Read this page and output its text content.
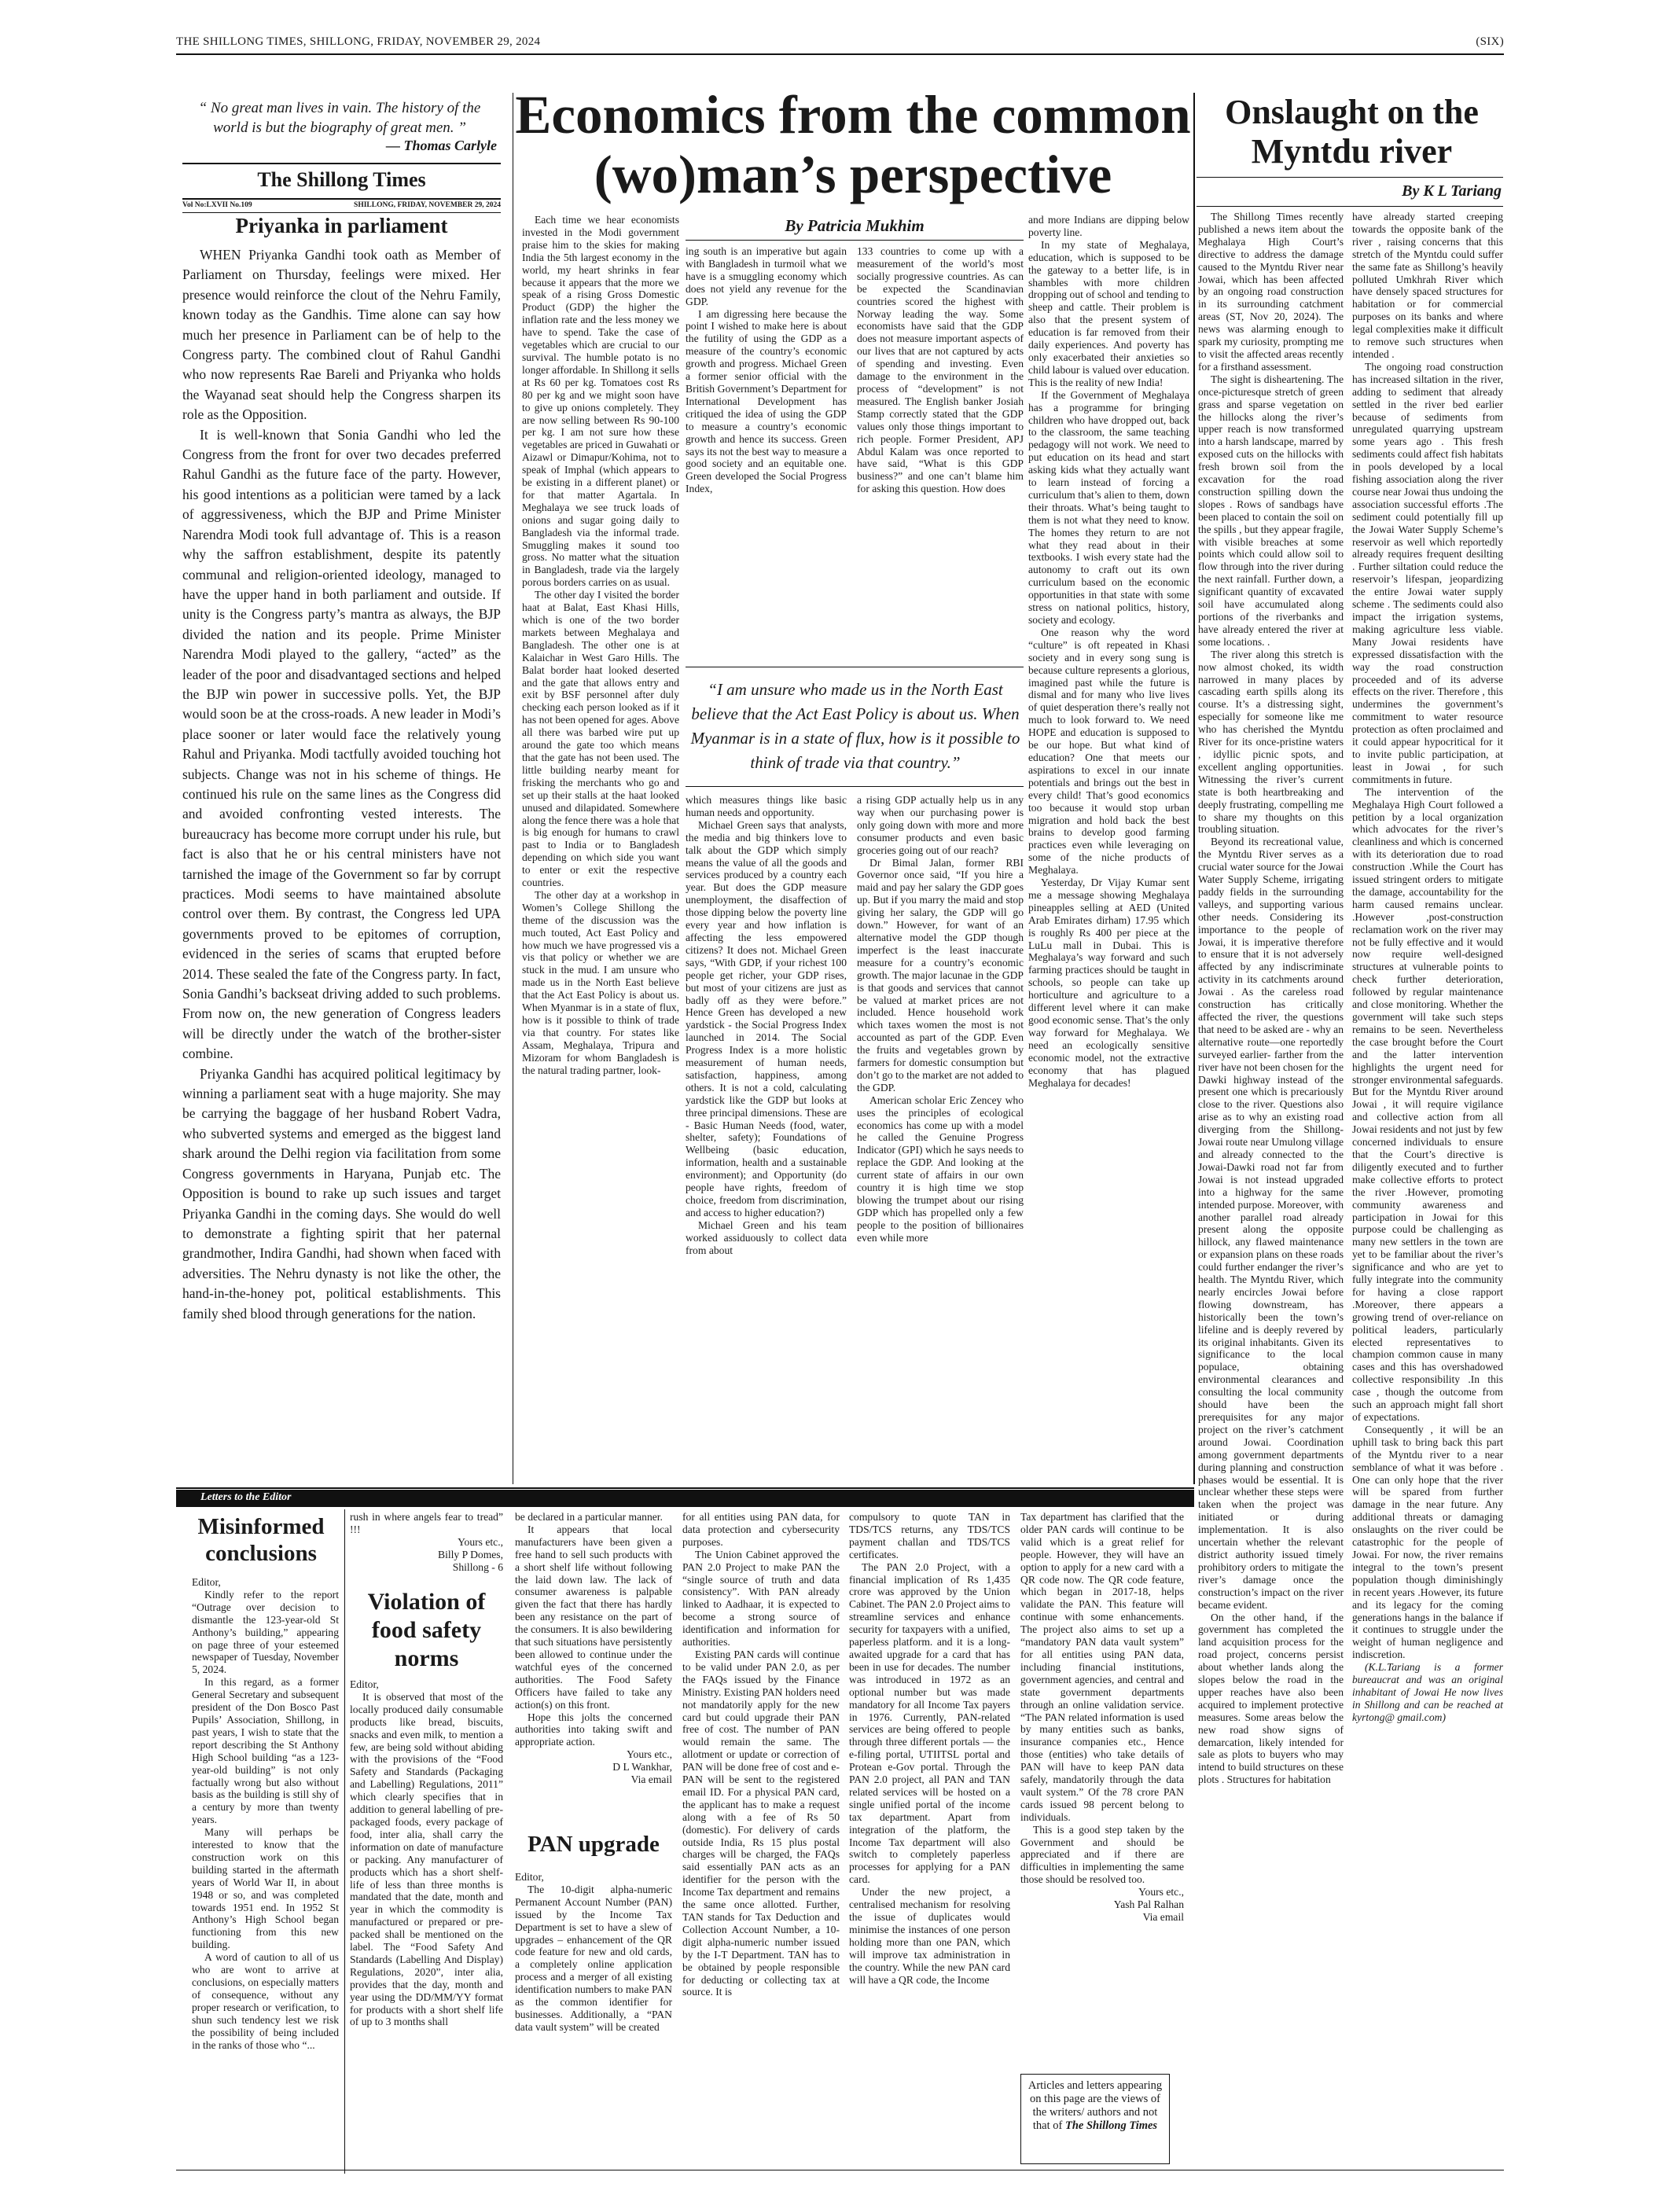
THE SHILLONG TIMES, SHILLONG, FRIDAY, NOVEMBER 29, 2024	(SIX)
“ No great man lives in vain. The history of the world is but the biography of great men. ”
— Thomas Carlyle
The Shillong Times
Vol No:LXVII No.109	SHILLONG, FRIDAY, NOVEMBER 29, 2024
Priyanka in parliament

WHEN Priyanka Gandhi took oath as Member of Parliament on Thursday, feelings were mixed. Her presence would reinforce the clout of the Nehru Family, known today as the Gandhis. Time alone can say how much her presence in Parliament can be of help to the Congress party. The combined clout of Rahul Gandhi who now represents Rae Bareli and Priyanka who holds the Wayanad seat should help the Congress sharpen its role as the Opposition.

It is well-known that Sonia Gandhi who led the Congress from the front for over two decades preferred Rahul Gandhi as the future face of the party. However, his good intentions as a politician were tamed by a lack of aggressiveness, which the BJP and Prime Minister Narendra Modi took full advantage of. This is a reason why the saffron establishment, despite its patently communal and religion-oriented ideology, managed to have the upper hand in both parliament and outside. If unity is the Congress party’s mantra as always, the BJP divided the nation and its people. Prime Minister Narendra Modi played to the gallery, “acted” as the leader of the poor and disadvantaged sections and helped the BJP win power in successive polls. Yet, the BJP would soon be at the cross-roads. A new leader in Modi’s place sooner or later would face the relatively young Rahul and Priyanka. Modi tactfully avoided touching hot subjects. Change was not in his scheme of things. He continued his rule on the same lines as the Congress did and avoided confronting vested interests. The bureaucracy has become more corrupt under his rule, but fact is also that he or his central ministers have not tarnished the image of the Government so far by corrupt practices. Modi seems to have maintained absolute control over them. By contrast, the Congress led UPA governments proved to be epitomes of corruption, evidenced in the series of scams that erupted before 2014. These sealed the fate of the Congress party. In fact, Sonia Gandhi’s backseat driving added to such problems. From now on, the new generation of Congress leaders will be directly under the watch of the brother-sister combine.

Priyanka Gandhi has acquired political legitimacy by winning a parliament seat with a huge majority. She may be carrying the baggage of her husband Robert Vadra, who subverted systems and emerged as the biggest land shark around the Delhi region via facilitation from some Congress governments in Haryana, Punjab etc. The Opposition is bound to rake up such issues and target Priyanka Gandhi in the coming days. She would do well to demonstrate a fighting spirit that her paternal grandmother, Indira Gandhi, had shown when faced with adversities. The Nehru dynasty is not like the other, the hand-in-the-honey pot, political establishments. This family shed blood through generations for the nation.

Economics from the common
(wo)man’s perspective

Each time we hear economists invested in the Modi government praise him to the skies for making India the 5th largest economy in the world, my heart shrinks in fear because it appears that the more we speak of a rising Gross Domestic Product (GDP) the higher the inflation rate and the less money we have to spend. Take the case of vegetables which are crucial to our survival. The humble potato is no longer affordable. In Shillong it sells at Rs 60 per kg. Tomatoes cost Rs 80 per kg and we might soon have to give up onions completely. They are now selling between Rs 90-100 per kg. I am not sure how these vegetables are priced in Guwahati or Aizawl or Dimapur/Kohima, not to speak of Imphal (which appears to be existing in a different planet) or for that matter Agartala. In Meghalaya we see truck loads of onions and sugar going daily to Bangladesh via the informal trade. Smuggling makes it sound too gross. No matter what the situation in Bangladesh, trade via the largely porous borders carries on as usual.

The other day I visited the border haat at Balat, East Khasi Hills, which is one of the two border markets between Meghalaya and Bangladesh. The other one is at Kalaichar in West Garo Hills. The Balat border haat looked deserted and the gate that allows entry and exit by BSF personnel after duly checking each person looked as if it has not been opened for ages. Above all there was barbed wire put up around the gate too which means that the gate has not been used. The little building nearby meant for frisking the merchants who go and set up their stalls at the haat looked unused and dilapidated. Somewhere along the fence there was a hole that is big enough for humans to crawl past to India or to Bangladesh depending on which side you want to enter or exit the respective countries.

The other day at a workshop in Women’s College Shillong the theme of the discussion was the much touted, Act East Policy and how much we have progressed vis a vis that policy or whether we are stuck in the mud. I am unsure who made us in the North East believe that the Act East Policy is about us. When Myanmar is in a state of flux, how is it possible to think of trade via that country. For states like Assam, Meghalaya, Tripura and Mizoram for whom Bangladesh is the natural trading partner, look-

By Patricia Mukhim

ing south is an imperative but again with Bangladesh in turmoil what we have is a smuggling economy which does not yield any revenue for the GDP.

I am digressing here because the point I wished to make here is about the futility of using the GDP as a measure of the country’s economic growth and progress. Michael Green a former senior official with the British Government’s Department for International Development has critiqued the idea of using the GDP to measure a country’s economic growth and hence its success. Green says its not the best way to measure a good society and an equitable one. Green developed the Social Progress Index,

133 countries to come up with a measurement of the world’s most socially progressive countries. As can be expected the Scandinavian countries scored the highest with Norway leading the way. Some economists have said that the GDP does not measure important aspects of our lives that are not captured by acts of spending and investing. Even damage to the environment in the process of “development” is not measured. The English banker Josiah Stamp correctly stated that the GDP values only those things important to rich people. Former President, APJ Abdul Kalam was once reported to have said, “What is this GDP business?” and one can’t blame him for asking this question. How does

“I am unsure who made us in the North East believe that the Act East Policy is about us. When Myanmar is in a state of flux, how is it possible to think of trade via that country.”

which measures things like basic human needs and opportunity.

Michael Green says that analysts, the media and big thinkers love to talk about the GDP which simply means the value of all the goods and services produced by a country each year. But does the GDP measure unemployment, the disaffection of those dipping below the poverty line every year and how inflation is affecting the less empowered citizens? It does not. Michael Green says, “With GDP, if your richest 100 people get richer, your GDP rises, but most of your citizens are just as badly off as they were before.” Hence Green has developed a new yardstick - the Social Progress Index launched in 2014. The Social Progress Index is a more holistic measurement of human needs, satisfaction, happiness, among others. It is not a cold, calculating yardstick like the GDP but looks at three principal dimensions. These are - Basic Human Needs (food, water, shelter, safety); Foundations of Wellbeing (basic education, information, health and a sustainable environment); and Opportunity (do people have rights, freedom of choice, freedom from discrimination, and access to higher education?)

Michael Green and his team worked assiduously to collect data from about

a rising GDP actually help us in any way when our purchasing power is only going down with more and more consumer products and even basic groceries going out of our reach?

Dr Bimal Jalan, former RBI Governor once said, “If you hire a maid and pay her salary the GDP goes up. But if you marry the maid and stop giving her salary, the GDP will go down.” However, for want of an alternative model the GDP though imperfect is the least inaccurate measure for a country’s economic growth. The major lacunae in the GDP is that goods and services that cannot be valued at market prices are not included. Hence household work which taxes women the most is not accounted as part of the GDP. Even the fruits and vegetables grown by farmers for domestic consumption but don’t go to the market are not added to the GDP.

American scholar Eric Zencey who uses the principles of ecological economics has come up with a model he called the Genuine Progress Indicator (GPI) which he says needs to replace the GDP. And looking at the current state of affairs in our own country it is high time we stop blowing the trumpet about our rising GDP which has propelled only a few people to the position of billionaires even while more

and more Indians are dipping below poverty line.

In my state of Meghalaya, education, which is supposed to be the gateway to a better life, is in shambles with more children dropping out of school and tending to sheep and cattle. Their problem is also that the present system of education is far removed from their daily experiences. And poverty has only exacerbated their anxieties so child labour is valued over education. This is the reality of new India!

If the Government of Meghalaya has a programme for bringing children who have dropped out, back to the classroom, the same teaching pedagogy will not work. We need to put education on its head and start asking kids what they actually want to learn instead of forcing a curriculum that’s alien to them, down their throats. What’s being taught to them is not what they need to know. The homes they return to are not what they read about in their textbooks. I wish every state had the autonomy to craft out its own curriculum based on the economic opportunities in that state with some stress on national politics, history, society and ecology.

One reason why the word “culture” is oft repeated in Khasi society and in every song sung is because culture represents a glorious, imagined past while the future is dismal and for many who live lives of quiet desperation there’s really not much to look forward to. We need HOPE and education is supposed to be our hope. But what kind of education? One that meets our aspirations to excel in our innate potentials and brings out the best in every child! That’s good economics too because it would stop urban migration and hold back the best brains to develop good farming practices even while leveraging on some of the niche products of Meghalaya.

Yesterday, Dr Vijay Kumar sent me a message showing Meghalaya pineapples selling at AED (United Arab Emirates dirham) 17.95 which is roughly Rs 400 per piece at the LuLu mall in Dubai. This is Meghalaya’s way forward and such farming practices should be taught in schools, so people can take up horticulture and agriculture to a different level where it can make good economic sense. That’s the only way forward for Meghalaya. We need an ecologically sensitive economic model, not the extractive economy that has plagued Meghalaya for decades!

Onslaught on the
Myntdu river
By K L Tariang

The Shillong Times recently published a news item about the Meghalaya High Court’s directive to address the damage caused to the Myntdu River near Jowai, which has been affected by an ongoing road construction in its surrounding catchment areas (ST, Nov 20, 2024). The news was alarming enough to spark my curiosity, prompting me to visit the affected areas recently for a firsthand assessment.

The sight is disheartening. The once-picturesque stretch of green grass and sparse vegetation on the hillocks along the river’s upper reach is now transformed into a harsh landscape, marred by exposed cuts on the hillocks with fresh brown soil from the excavation for the road construction spilling down the slopes . Rows of sandbags have been placed to contain the soil on the spills , but they appear fragile, with visible breaches at some points which could allow soil to flow through into the river during the next rainfall. Further down, a significant quantity of excavated soil have accumulated along portions of the riverbanks and have already entered the river at some locations. .

The river along this stretch is now almost choked, its width narrowed in many places by cascading earth spills along its course. It’s a distressing sight, especially for someone like me who has cherished the Myntdu River for its once-pristine waters , idyllic picnic spots, and excellent angling opportunities. Witnessing the river’s current state is both heartbreaking and deeply frustrating, compelling me to share my thoughts on this troubling situation.

Beyond its recreational value, the Myntdu River serves as a crucial water source for the Jowai Water Supply Scheme, irrigating paddy fields in the surrounding valleys, and supporting various other needs. Considering its importance to the people of Jowai, it is imperative therefore to ensure that it is not adversely affected by any indiscriminate activity in its catchments around Jowai . As the careless road construction has critically affected the river, the questions that need to be asked are - why an alternative route—one reportedly surveyed earlier- farther from the river have not been chosen for the Dawki highway instead of the present one which is precariously close to the river. Questions also arise as to why an existing road diverging from the Shillong-Jowai route near Umulong village and already connected to the Jowai-Dawki road not far from Jowai is not instead upgraded into a highway for the same intended purpose. Moreover, with another parallel road already present along the opposite hillock, any flawed maintenance or expansion plans on these roads could further endanger the river’s health. The Myntdu River, which nearly encircles Jowai before flowing downstream, has historically been the town’s lifeline and is deeply revered by its original inhabitants. Given its significance to the local populace, obtaining environmental clearances and consulting the local community should have been the prerequisites for any major project on the river’s catchment around Jowai. Coordination among government departments during planning and construction phases would be essential. It is unclear whether these steps were taken when the project was initiated or during implementation. It is also uncertain whether the relevant district authority issued timely prohibitory orders to mitigate the river’s damage once the construction’s impact on the river became evident.

On the other hand, if the government has completed the land acquisition process for the road project, concerns persist about whether lands along the slopes below the road in the upper reaches have also been acquired to implement protective measures. Some areas below the new road show signs of demarcation, likely intended for sale as plots to buyers who may intend to build structures on these plots . Structures for habitation

have already started creeping towards the opposite bank of the river , raising concerns that this stretch of the Myntdu could suffer the same fate as Shillong’s heavily polluted Umkhrah River which have densely spaced structures for habitation or for commercial purposes on its banks and where legal complexities make it difficult to remove such structures when intended .

The ongoing road construction has increased siltation in the river, adding to sediment that already settled in the river bed earlier because of sediments from unregulated quarrying upstream some years ago . This fresh sediments could affect fish habitats in pools developed by a local fishing association along the river course near Jowai thus undoing the association successful efforts .The sediment could potentially fill up the Jowai Water Supply Scheme’s reservoir as well which reportedly already requires frequent desilting . Further siltation could reduce the reservoir’s lifespan, jeopardizing the entire Jowai water supply scheme . The sediments could also impact the irrigation systems, making agriculture less viable. Many Jowai residents have expressed dissatisfaction with the way the road construction proceeded and of its adverse effects on the river. Therefore , this undermines the government’s commitment to water resource protection as often proclaimed and it could appear hypocritical for it to invite public participation, at least in Jowai , for such commitments in future.

The intervention of the Meghalaya High Court followed a petition by a local organization which advocates for the river’s cleanliness and which is concerned with its deterioration due to road construction .While the Court has issued stringent orders to mitigate the damage, accountability for the harm caused remains unclear. .However ,post-construction reclamation work on the river may not be fully effective and it would now require well-designed structures at vulnerable points to check further deterioration, followed by regular maintenance and close monitoring. Whether the government will take such steps remains to be seen. Nevertheless the case brought before the Court and the latter intervention highlights the urgent need for stronger environmental safeguards. But for the Myntdu River around Jowai , it will require vigilance and collective action from all Jowai residents and not just by few concerned individuals to ensure that the Court’s directive is diligently executed and to further make collective efforts to protect the river .However, promoting community awareness and participation in Jowai for this purpose could be challenging as many new settlers in the town are yet to be familiar about the river’s significance and who are yet to fully integrate into the community for having a close rapport .Moreover, there appears a growing trend of over-reliance on political leaders, particularly elected representatives to champion common cause in many cases and this has overshadowed collective responsibility .In this case , though the outcome from such an approach might fall short of expectations.

Consequently , it will be an uphill task to bring back this part of the Myntdu river to a near semblance of what it was before . One can only hope that the river will be spared from further damage in the near future. Any additional threats or damaging onslaughts on the river could be catastrophic for the people of Jowai. For now, the river remains integral to the town’s present population though diminishingly in recent years .However, its future and its legacy for the coming generations hangs in the balance if it continues to struggle under the weight of human negligence and indiscretion.

(K.L.Tariang is a former bureaucrat and was an original inhabitant of Jowai He now lives in Shillong and can be reached at kyrtong@ gmail.com)

Letters to the Editor
Misinformed conclusions

Editor,

Kindly refer to the report “Outrage over decision to dismantle the 123-year-old St Anthony’s building,” appearing on page three of your esteemed newspaper of Tuesday, November 5, 2024.

In this regard, as a former General Secretary and subsequent president of the Don Bosco Past Pupils’ Association, Shillong, in past years, I wish to state that the report describing the St Anthony High School building “as a 123-year-old building” is not only factually wrong but also without basis as the building is still shy of a century by more than twenty years.

Many will perhaps be interested to know that the construction work on this building started in the aftermath years of World War II, in about 1948 or so, and was completed towards 1951 end. In 1952 St Anthony’s High School began functioning from this new building.

A word of caution to all of us who are wont to arrive at conclusions, on especially matters of consequence, without any proper research or verification, to shun such tendency lest we risk the possibility of being included in the ranks of those who “...

rush in where angels fear to tread” !!!

Yours etc.,
Billy P Domes,
Shillong - 6
Violation of food safety norms

Editor,

It is observed that most of the locally produced daily consumable products like bread, biscuits, snacks and even milk, to mention a few, are being sold without abiding with the provisions of the “Food Safety and Standards (Packaging and Labelling) Regulations, 2011” which clearly specifies that in addition to general labelling of pre-packaged foods, every package of food, inter alia, shall carry the information on date of manufacture or packing. Any manufacturer of products which has a short shelf-life of less than three months is mandated that the date, month and year in which the commodity is manufactured or prepared or pre-packed shall be mentioned on the label. The “Food Safety And Standards (Labelling And Display) Regulations, 2020”, inter alia, provides that the day, month and year using the DD/MM/YY format for products with a short shelf life of up to 3 months shall

be declared in a particular manner.

It appears that local manufacturers have been given a free hand to sell such products with a short shelf life without following the laid down law. The lack of consumer awareness is palpable given the fact that there has hardly been any resistance on the part of the consumers. It is also bewildering that such situations have persistently been allowed to continue under the watchful eyes of the concerned authorities. The Food Safety Officers have failed to take any action(s) on this front.

Hope this jolts the concerned authorities into taking swift and appropriate action.

Yours etc.,
D L Wankhar,
Via email
PAN upgrade

Editor,

The 10-digit alpha-numeric Permanent Account Number (PAN) issued by the Income Tax Department is set to have a slew of upgrades – enhancement of the QR code feature for new and old cards, a completely online application process and a merger of all existing identification numbers to make PAN as the common identifier for businesses. Additionally, a “PAN data vault system” will be created

for all entities using PAN data, for data protection and cybersecurity purposes.

The Union Cabinet approved the PAN 2.0 Project to make PAN the “single source of truth and data consistency”. With PAN already linked to Aadhaar, it is expected to become a strong source of identification and information for authorities.

Existing PAN cards will continue to be valid under PAN 2.0, as per the FAQs issued by the Finance Ministry. Existing PAN holders need not mandatorily apply for the new card but could upgrade their PAN free of cost. The number of PAN would remain the same. The allotment or update or correction of PAN will be done free of cost and e-PAN will be sent to the registered email ID. For a physical PAN card, the applicant has to make a request along with a fee of Rs 50 (domestic). For delivery of cards outside India, Rs 15 plus postal charges will be charged, the FAQs said essentially PAN acts as an identifier for the person with the Income Tax department and remains the same once allotted. Further, TAN stands for Tax Deduction and Collection Account Number, a 10-digit alpha-numeric number issued by the I-T Department. TAN has to be obtained by people responsible for deducting or collecting tax at source. It is

compulsory to quote TAN in TDS/TCS returns, any TDS/TCS payment challan and TDS/TCS certificates.

The PAN 2.0 Project, with a financial implication of Rs 1,435 crore was approved by the Union Cabinet. The PAN 2.0 Project aims to streamline services and enhance security for taxpayers with a unified, paperless platform. and it is a long-awaited upgrade for a card that has been in use for decades. The number was introduced in 1972 as an optional number but was made mandatory for all Income Tax payers in 1976. Currently, PAN-related services are being offered to people through three different portals — the e-filing portal, UTIITSL portal and Protean e-Gov portal. Through the PAN 2.0 project, all PAN and TAN related services will be hosted on a single unified portal of the income tax department. Apart from integration of the platform, the Income Tax department will also switch to completely paperless processes for applying for a PAN card.

Under the new project, a centralised mechanism for resolving the issue of duplicates would minimise the instances of one person holding more than one PAN, which will improve tax administration in the country. While the new PAN card will have a QR code, the Income

Tax department has clarified that the older PAN cards will continue to be valid which is a great relief for people. However, they will have an option to apply for a new card with a QR code now. The QR code feature, which began in 2017-18, helps validate the PAN. This feature will continue with some enhancements. The project also aims to set up a “mandatory PAN data vault system” for all entities using PAN data, including financial institutions, government agencies, and central and state government departments through an online validation service. “The PAN related information is used by many entities such as banks, insurance companies etc., Hence those (entities) who take details of PAN will have to keep PAN data safely, mandatorily through the data vault system.” Of the 78 crore PAN cards issued 98 percent belong to individuals.

This is a good step taken by the Government and should be appreciated and if there are difficulties in implementing the same those should be resolved too.

Yours etc.,
Yash Pal Ralhan
Via email
Articles and letters appearing on this page are the views of the writers/ authors and not that of The Shillong Times
